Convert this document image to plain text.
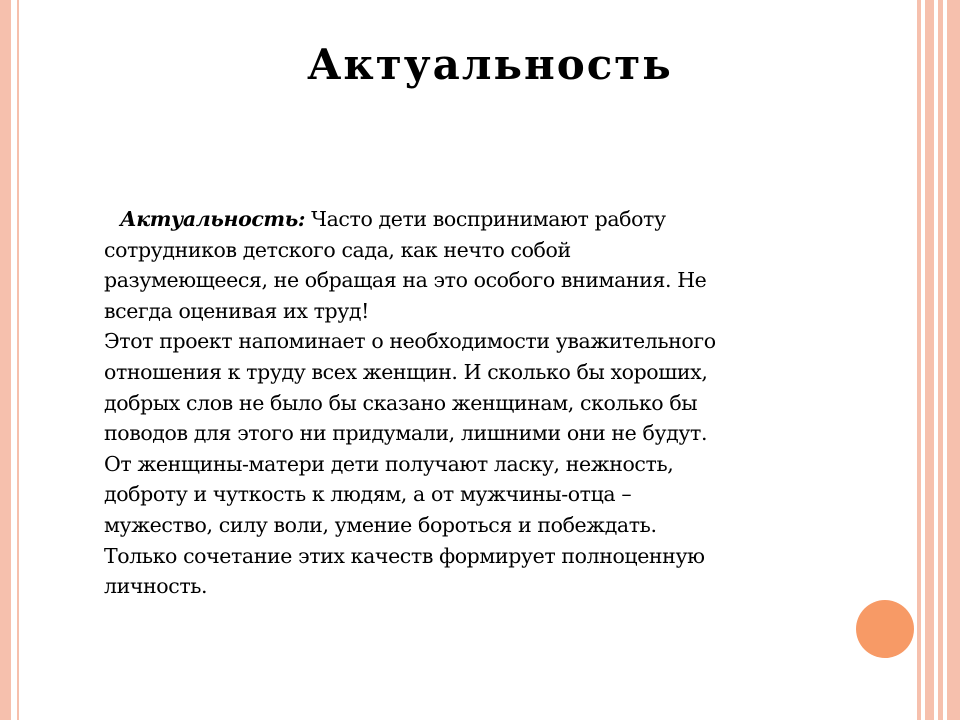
Актуальность
Актуальность: Часто дети воспринимают работу
сотрудников детского сада, как нечто собой
разумеющееся, не обращая на это особого внимания. Не
всегда оценивая их труд!
Этот проект напоминает о необходимости уважительного
отношения к труду всех женщин. И сколько бы хороших,
добрых слов не было бы сказано женщинам, сколько бы
поводов для этого ни придумали, лишними они не будут.
От женщины-матери дети получают ласку, нежность,
доброту и чуткость к людям, а от мужчины-отца –
мужество, силу воли, умение бороться и побеждать.
Только сочетание этих качеств формирует полноценную
личность.
